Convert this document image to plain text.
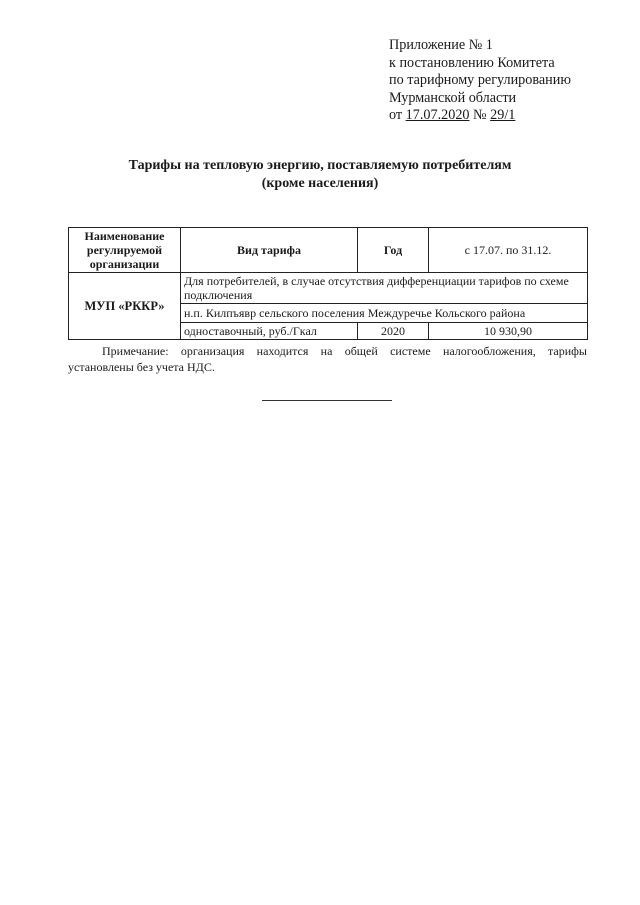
Приложение № 1
к постановлению Комитета
по тарифному регулированию
Мурманской области
от 17.07.2020 № 29/1
Тарифы на тепловую энергию, поставляемую потребителям
(кроме населения)
Наименование регулируемой организации	Вид тарифа	Год	с 17.07. по 31.12.
МУП «РККР»	Для потребителей, в случае отсутствия дифференциации тарифов по схеме подключения		
	н.п. Килпъявр сельского поселения Междуречье Кольского района		
	одноставочный, руб./Гкал	2020	10 930,90
Примечание: организация находится на общей системе налогообложения, тарифы установлены без учета НДС.
